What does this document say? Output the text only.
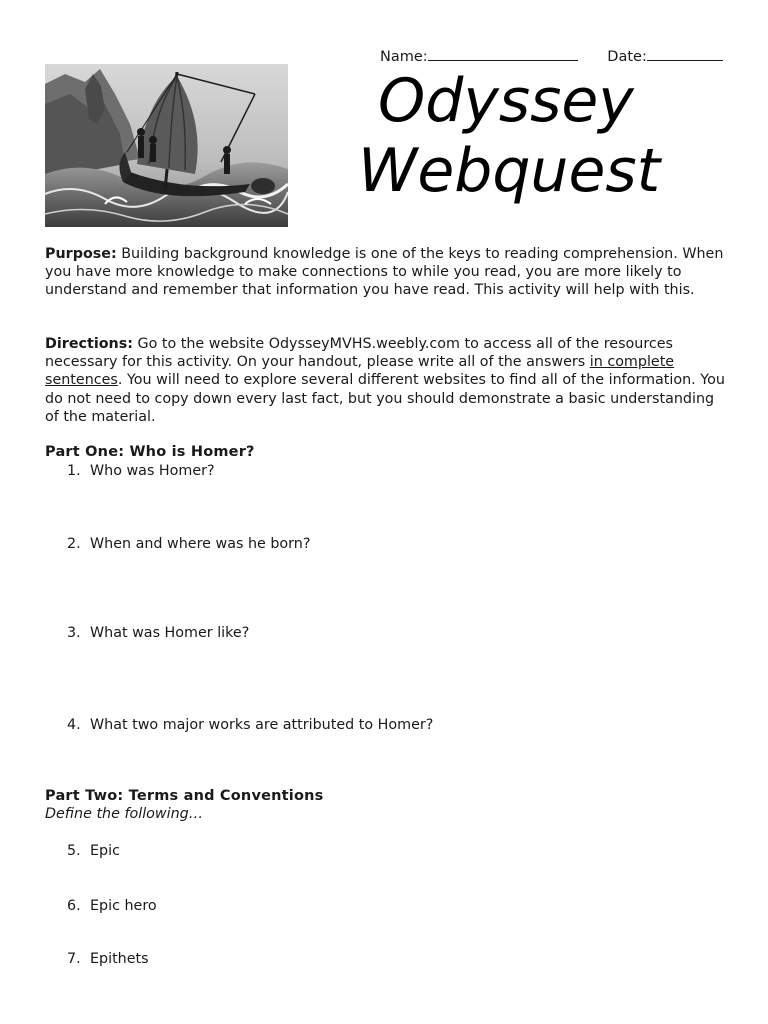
Name:	Date:
Odyssey
Webquest
Purpose: Building background knowledge is one of the keys to reading comprehension. When you have more knowledge to make connections to while you read, you are more likely to understand and remember that information you have read. This activity will help with this.
Directions: Go to the website OdysseyMVHS.weebly.com to access all of the resources necessary for this activity. On your handout, please write all of the answers in complete sentences. You will need to explore several different websites to find all of the information. You do not need to copy down every last fact, but you should demonstrate a basic understanding of the material.
Part One: Who is Homer?
1. Who was Homer?
2. When and where was he born?
3. What was Homer like?
4. What two major works are attributed to Homer?
Part Two: Terms and Conventions
Define the following…
5. Epic
6. Epic hero
7. Epithets
